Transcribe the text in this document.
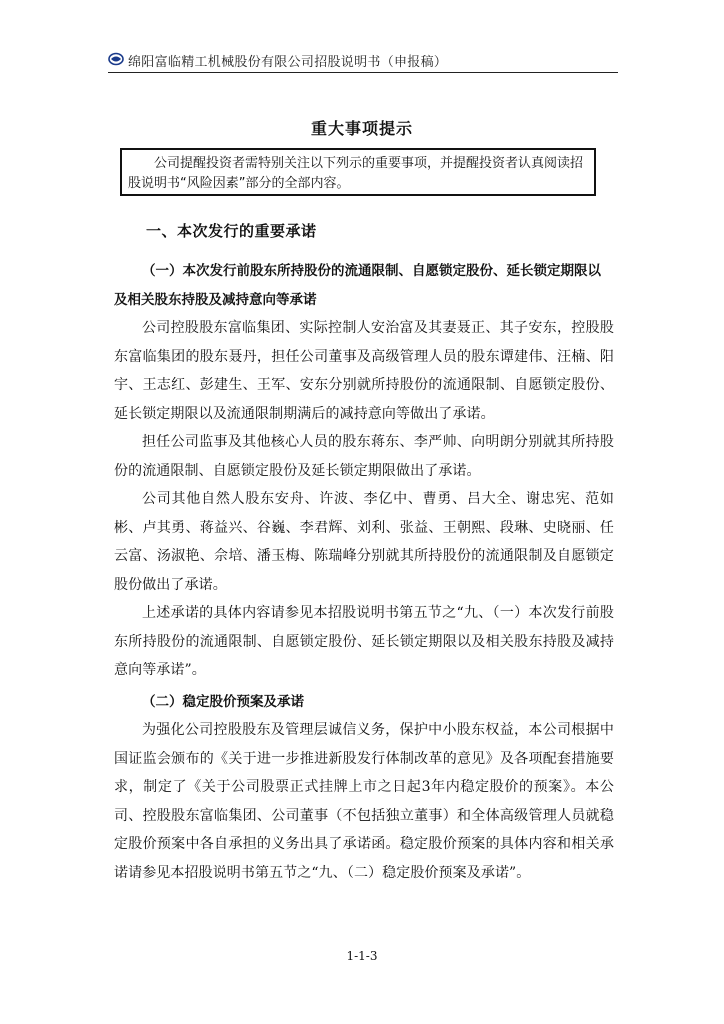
绵阳富临精工机械股份有限公司招股说明书（申报稿）
重大事项提示
公司提醒投资者需特别关注以下列示的重要事项，并提醒投资者认真阅读招股说明书“风险因素”部分的全部内容。
一、本次发行的重要承诺
（一）本次发行前股东所持股份的流通限制、自愿锁定股份、延长锁定期限以及相关股东持股及减持意向等承诺

公司控股股东富临集团、实际控制人安治富及其妻聂正、其子安东，控股股东富临集团的股东聂丹，担任公司董事及高级管理人员的股东谭建伟、汪楠、阳宇、王志红、彭建生、王军、安东分别就所持股份的流通限制、自愿锁定股份、延长锁定期限以及流通限制期满后的减持意向等做出了承诺。

担任公司监事及其他核心人员的股东蒋东、李严帅、向明朗分别就其所持股份的流通限制、自愿锁定股份及延长锁定期限做出了承诺。

公司其他自然人股东安舟、许波、李亿中、曹勇、吕大全、谢忠宪、范如彬、卢其勇、蒋益兴、谷巍、李君辉、刘利、张益、王朝熙、段琳、史晓丽、任云富、汤淑艳、佘培、潘玉梅、陈瑞峰分别就其所持股份的流通限制及自愿锁定股份做出了承诺。

上述承诺的具体内容请参见本招股说明书第五节之“九、（一）本次发行前股东所持股份的流通限制、自愿锁定股份、延长锁定期限以及相关股东持股及减持意向等承诺”。

（二）稳定股价预案及承诺

为强化公司控股股东及管理层诚信义务，保护中小股东权益，本公司根据中国证监会颁布的《关于进一步推进新股发行体制改革的意见》及各项配套措施要求，制定了《关于公司股票正式挂牌上市之日起3年内稳定股价的预案》。本公司、控股股东富临集团、公司董事（不包括独立董事）和全体高级管理人员就稳定股价预案中各自承担的义务出具了承诺函。稳定股价预案的具体内容和相关承诺请参见本招股说明书第五节之“九、（二）稳定股价预案及承诺”。

1-1-3
